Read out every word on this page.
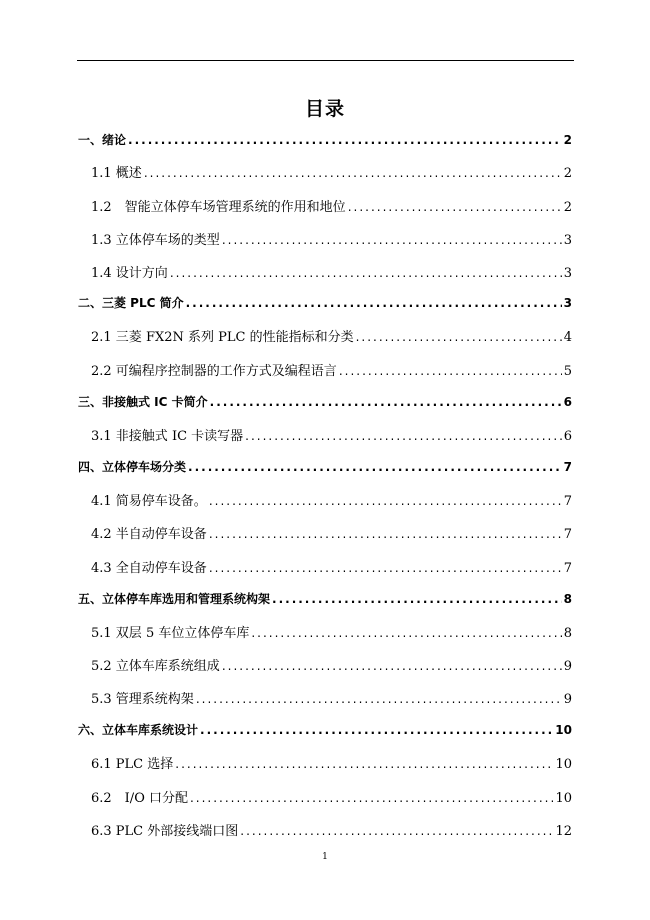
目录
一、绪论 .....	2
1.1 概述 .....	2
1.2　智能立体停车场管理系统的作用和地位 .....	2
1.3 立体停车场的类型 .....	3
1.4 设计方向 .....	3
二、三菱 PLC 简介 .....	3
2.1 三菱 FX2N 系列 PLC 的性能指标和分类 .....	4
2.2 可编程序控制器的工作方式及编程语言 .....	5
三、非接触式 IC 卡简介 .....	6
3.1 非接触式 IC 卡读写器 .....	6
四、立体停车场分类 .....	7
4.1 简易停车设备。 .....	7
4.2 半自动停车设备 .....	7
4.3 全自动停车设备 .....	7
五、立体停车库选用和管理系统构架 .....	8
5.1 双层 5 车位立体停车库 .....	8
5.2 立体车库系统组成 .....	9
5.3 管理系统构架 .....	9
六、立体车库系统设计 .....	10
6.1 PLC 选择 .....	10
6.2　I/O 口分配 .....	10
6.3 PLC 外部接线端口图 .....	12
1
